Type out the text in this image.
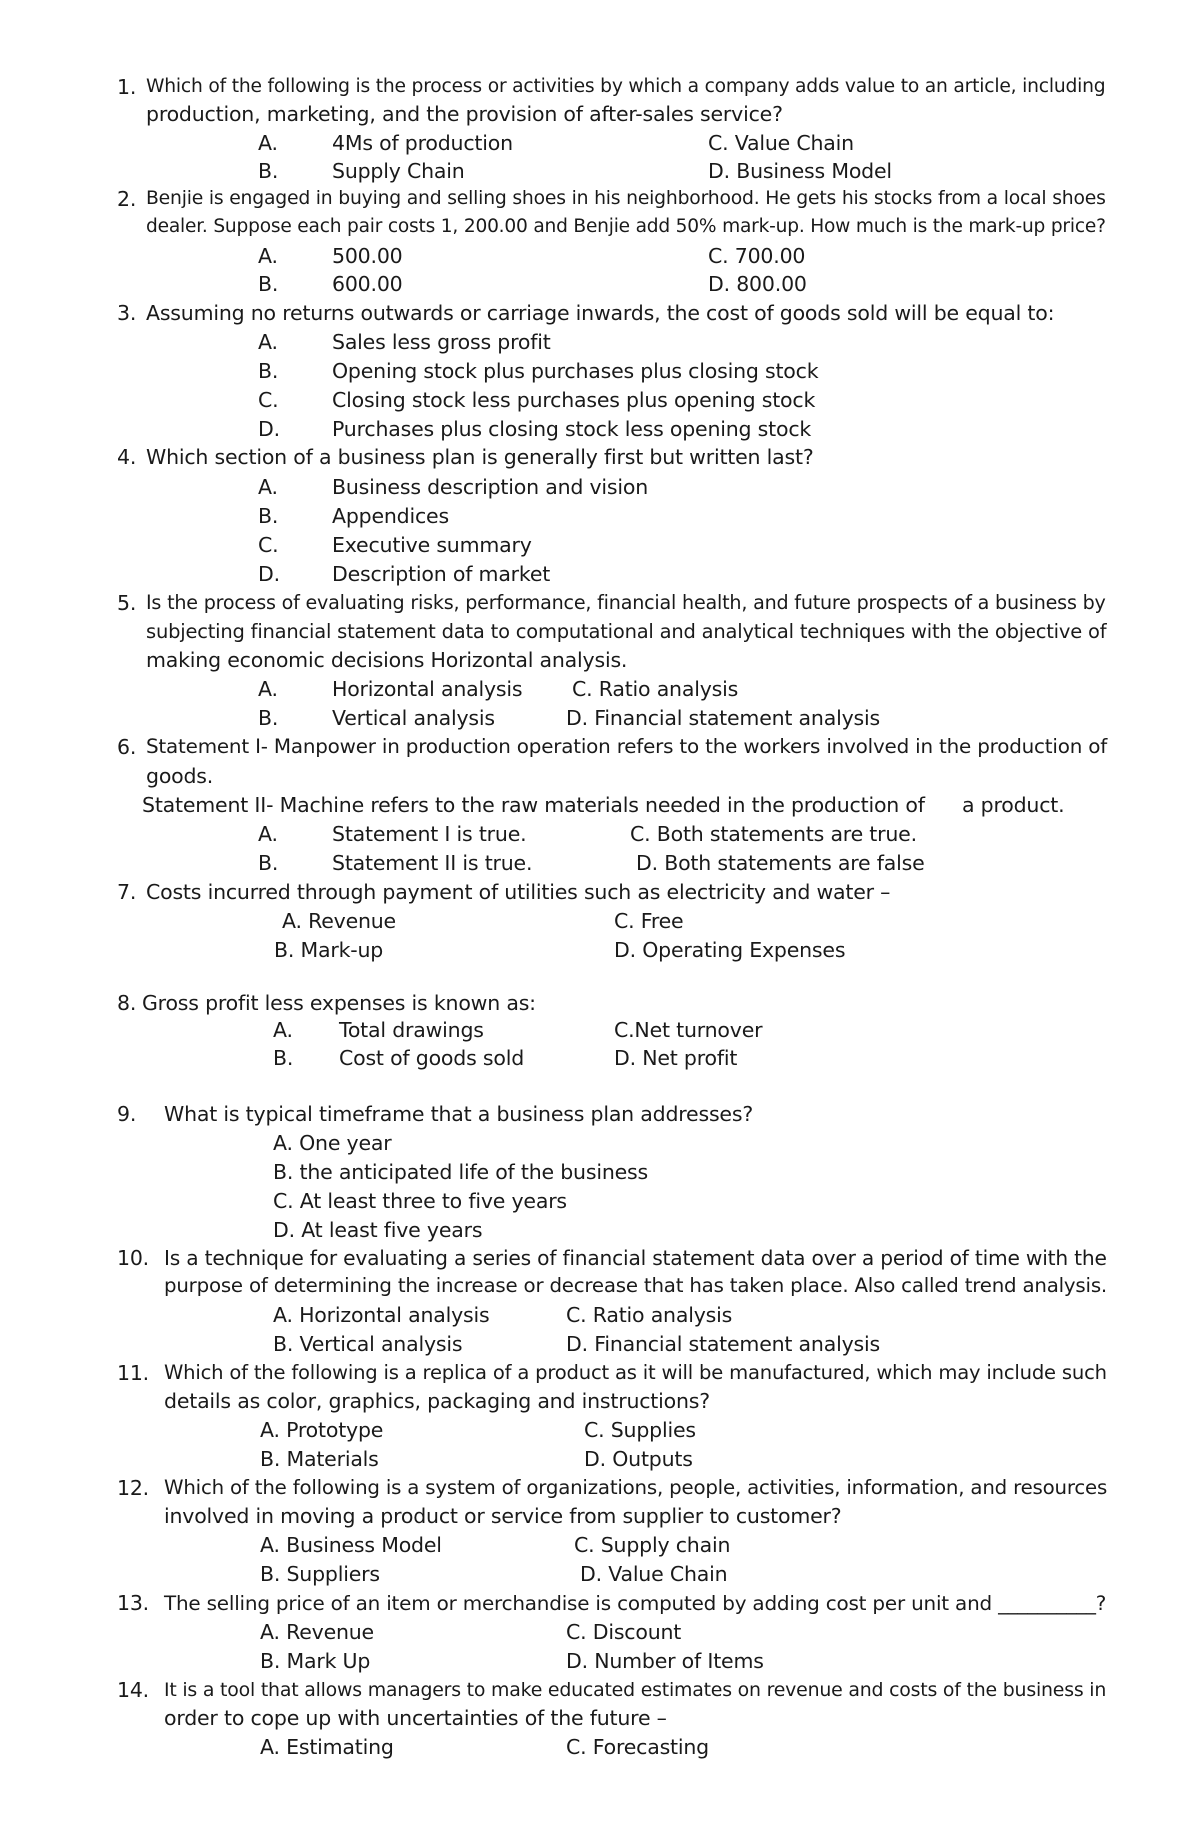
1. Which of the following is the process or activities by which a company adds value to an article, including
production, marketing, and the provision of after-sales service?
A.	4Ms of production
B.	Supply Chain
C. Value Chain
D. Business Model
2. Benjie is engaged in buying and selling shoes in his neighborhood. He gets his stocks from a local shoes
dealer. Suppose each pair costs 1, 200.00 and Benjie add 50% mark-up. How much is the mark-up price?
A.	500.00
B.	600.00
C. 700.00
D. 800.00
3. Assuming no returns outwards or carriage inwards, the cost of goods sold will be equal to:
A.	Sales less gross profit
B.	Opening stock plus purchases plus closing stock
C.	Closing stock less purchases plus opening stock
D.	Purchases plus closing stock less opening stock
4. Which section of a business plan is generally first but written last?
A.	Business description and vision
B.	Appendices
C.	Executive summary
D.	Description of market
5. Is the process of evaluating risks, performance, financial health, and future prospects of a business by
subjecting financial statement data to computational and analytical techniques with the objective of
making economic decisions Horizontal analysis.
A.	Horizontal analysis C. Ratio analysis
B.	Vertical analysis	D. Financial statement analysis
6. Statement I- Manpower in production operation refers to the workers involved in the production of
goods.
Statement II- Machine refers to the raw materials needed in the production of a product.
A.	Statement I is true.	C. Both statements are true.
B.	Statement II is true.	D. Both statements are false
7. Costs incurred through payment of utilities such as electricity and water –
A. Revenue	C. Free
B. Mark-up	D. Operating Expenses
8. Gross profit less expenses is known as:
A. Total drawings	C.Net turnover
B. Cost of goods sold	D. Net profit
9. What is typical timeframe that a business plan addresses?
A. One year
B. the anticipated life of the business
C. At least three to five years
D. At least five years
10. Is a technique for evaluating a series of financial statement data over a period of time with the
purpose of determining the increase or decrease that has taken place. Also called trend analysis.
A. Horizontal analysis	C. Ratio analysis
B. Vertical analysis	D. Financial statement analysis
11. Which of the following is a replica of a product as it will be manufactured, which may include such
details as color, graphics, packaging and instructions?
A. Prototype	C. Supplies
B. Materials	D. Outputs
12. Which of the following is a system of organizations, people, activities, information, and resources
involved in moving a product or service from supplier to customer?
A. Business Model	C. Supply chain
B. Suppliers	D. Value Chain
13. The selling price of an item or merchandise is computed by adding cost per unit and __________?
A. Revenue	C. Discount
B. Mark Up	D. Number of Items
14. It is a tool that allows managers to make educated estimates on revenue and costs of the business in
order to cope up with uncertainties of the future –
A. Estimating	C. Forecasting
